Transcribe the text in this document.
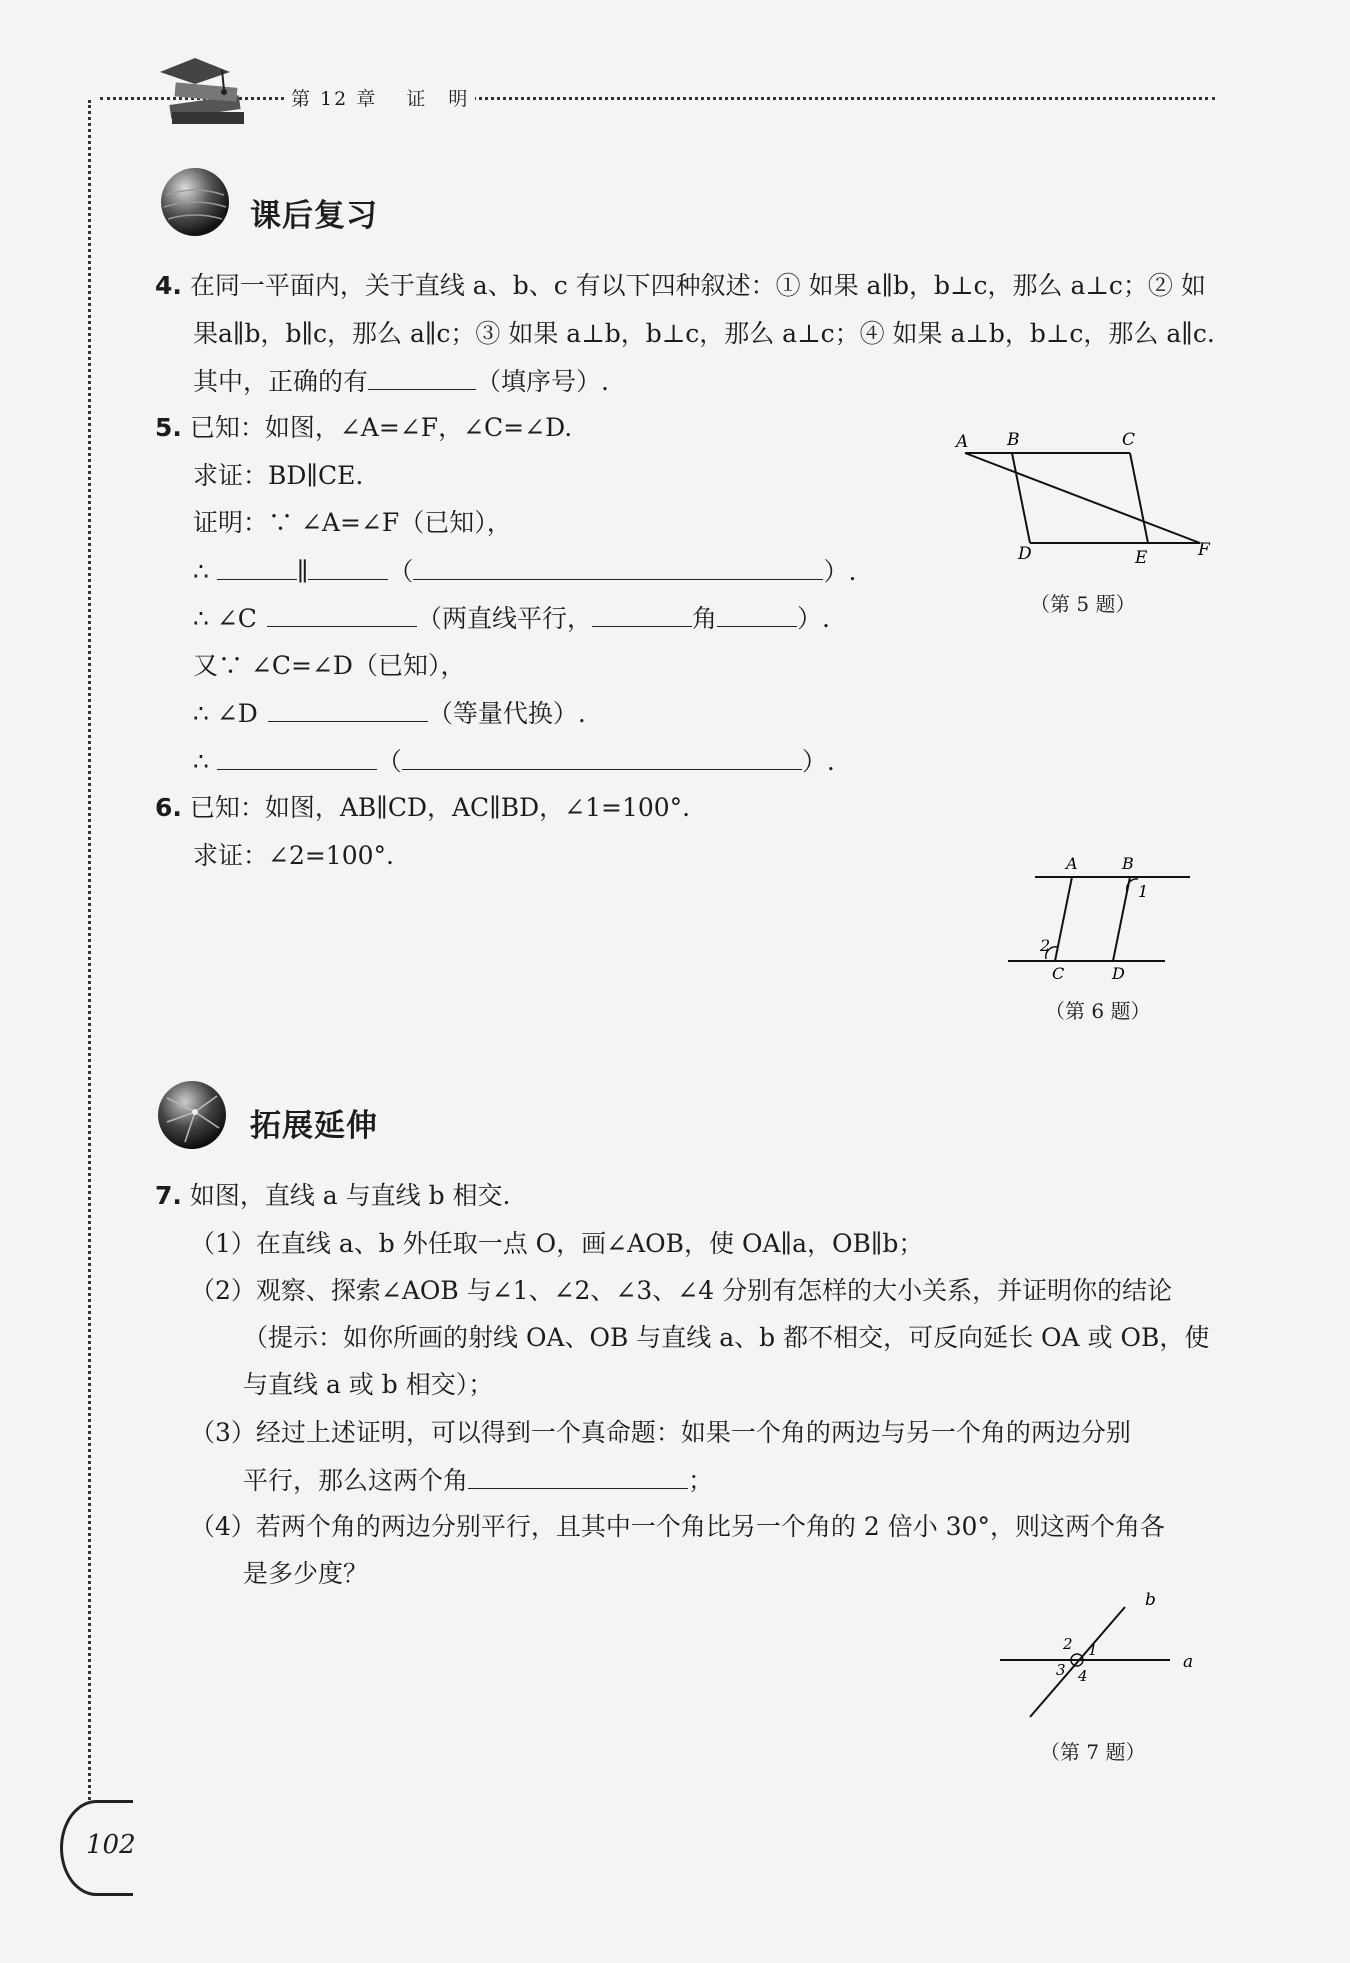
第 12 章　 证　明
课后复习
4. 在同一平面内，关于直线 a、b、c 有以下四种叙述：① 如果 a∥b，b⊥c，那么 a⊥c；② 如
果a∥b，b∥c，那么 a∥c；③ 如果 a⊥b，b⊥c，那么 a⊥c；④ 如果 a⊥b，b⊥c，那么 a∥c.
其中，正确的有	（填序号）.
5. 已知：如图，∠A=∠F，∠C=∠D.
求证：BD∥CE.
证明：∵ ∠A=∠F（已知），
∴	∥	（	）.
∴ ∠C	（两直线平行，	角	）.
又∵ ∠C=∠D（已知），
∴ ∠D	（等量代换）.
∴	（	）.
A B	C
D	E	F
（第 5 题）
6. 已知：如图，AB∥CD，AC∥BD，∠1=100°.
求证：∠2=100°.	A	B
C	D
1
2
（第 6 题）
拓展延伸
7. 如图，直线 a 与直线 b 相交.
（1）在直线 a、b 外任取一点 O，画∠AOB，使 OA∥a，OB∥b；
（2）观察、探索∠AOB 与∠1、∠2、∠3、∠4 分别有怎样的大小关系，并证明你的结论
（提示：如你所画的射线 OA、OB 与直线 a、b 都不相交，可反向延长 OA 或 OB，使
与直线 a 或 b 相交）；
（3）经过上述证明，可以得到一个真命题：如果一个角的两边与另一个角的两边分别
平行，那么这两个角	；
（4）若两个角的两边分别平行，且其中一个角比另一个角的 2 倍小 30°，则这两个角各
是多少度？
b
a
1
2
3 4
（第 7 题）
102
